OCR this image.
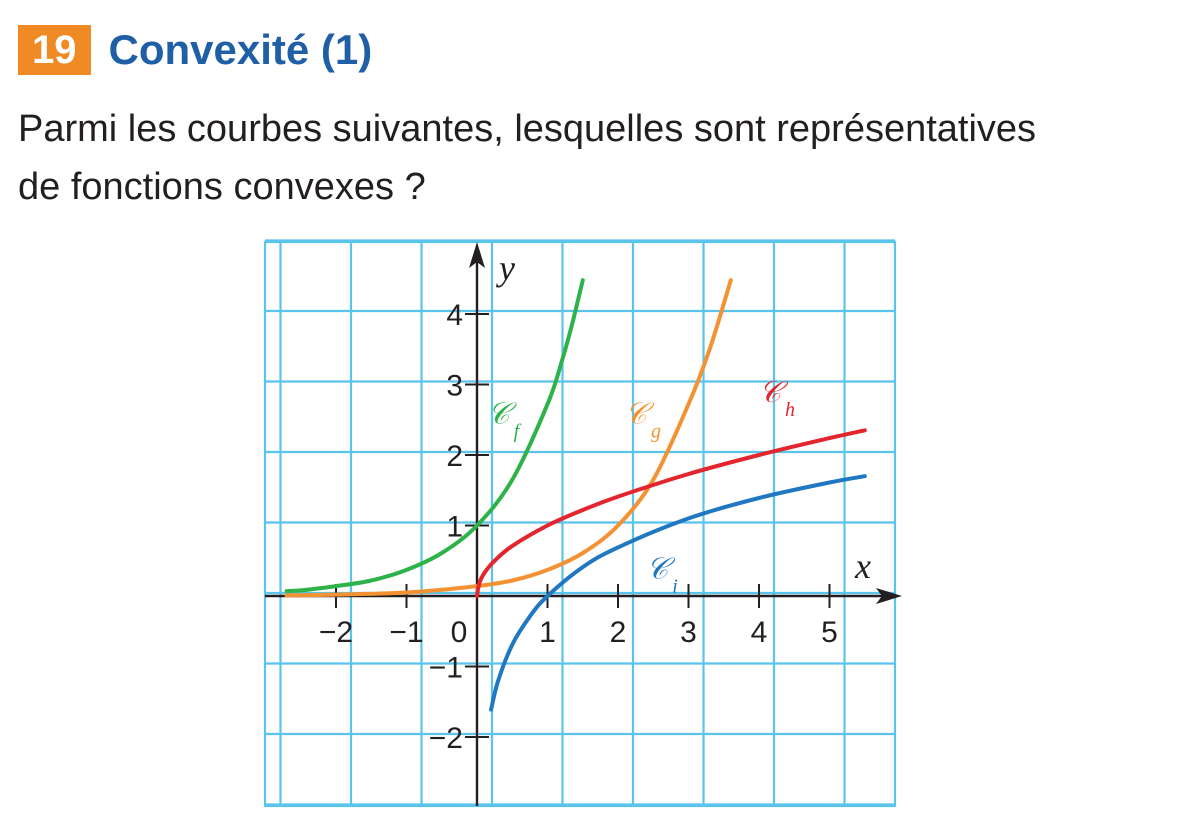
19 Convexité (1)

Parmi les courbes suivantes, lesquelles sont représentatives
de fonctions convexes ?

x
y
−2 −1 0 1 2 3 4 5
−2
−1
1
2
3
4
𝒞 f	𝒞 g
𝒞 h
𝒞 i
